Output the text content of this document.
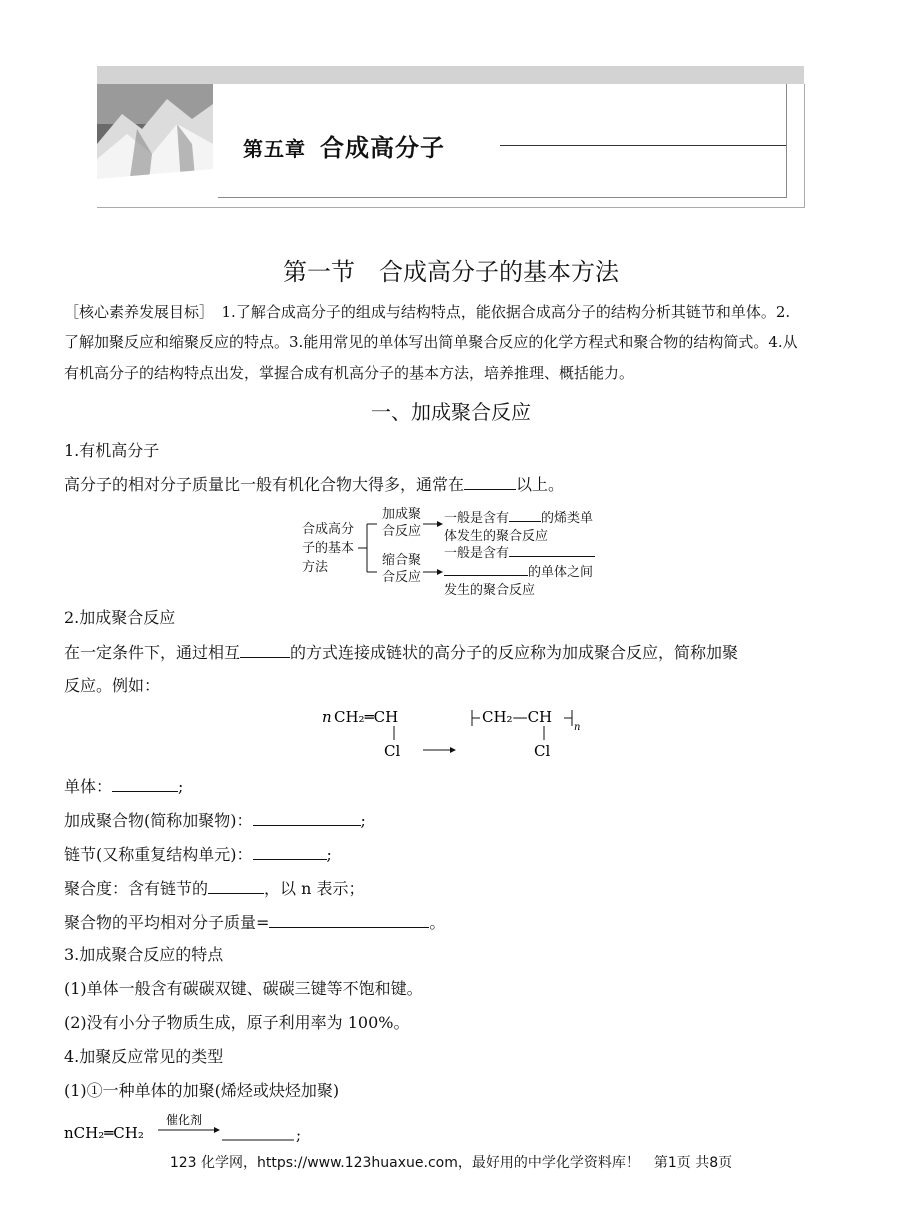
第五章 合成高分子
第一节　合成高分子的基本方法
［核心素养发展目标］　1.了解合成高分子的组成与结构特点，能依据合成高分子的结构分析其链节和单体。2.
了解加聚反应和缩聚反应的特点。3.能用常见的单体写出简单聚合反应的化学方程式和聚合物的结构简式。4.从
有机高分子的结构特点出发，掌握合成有机高分子的基本方法，培养推理、概括能力。
一、加成聚合反应
1.有机高分子
高分子的相对分子质量比一般有机化合物大得多，通常在	以上。
合成高分
子的基本
方法
加成聚
合反应
缩合聚
合反应
一般是含有 的烯类单
体发生的聚合反应
一般是含有
的单体之间
发生的聚合反应
2.加成聚合反应
在一定条件下，通过相互	的方式连接成链状的高分子的反应称为加成聚合反应，简称加聚
反应。例如：
n CH₂═CH
Cl
CH₂—CH
n
Cl
单体：	;
加成聚合物(简称加聚物)：	;
链节(又称重复结构单元)：	;
聚合度：含有链节的	，以 n 表示；
聚合物的平均相对分子质量=	。
3.加成聚合反应的特点
(1)单体一般含有碳碳双键、碳碳三键等不饱和键。
(2)没有小分子物质生成，原子利用率为 100%。
4.加聚反应常见的类型
(1)①一种单体的加聚(烯烃或炔烃加聚)
nCH₂═CH₂
催化剂
;
123 化学网，https://www.123huaxue.com，最好用的中学化学资料库！　第1页 共8页
